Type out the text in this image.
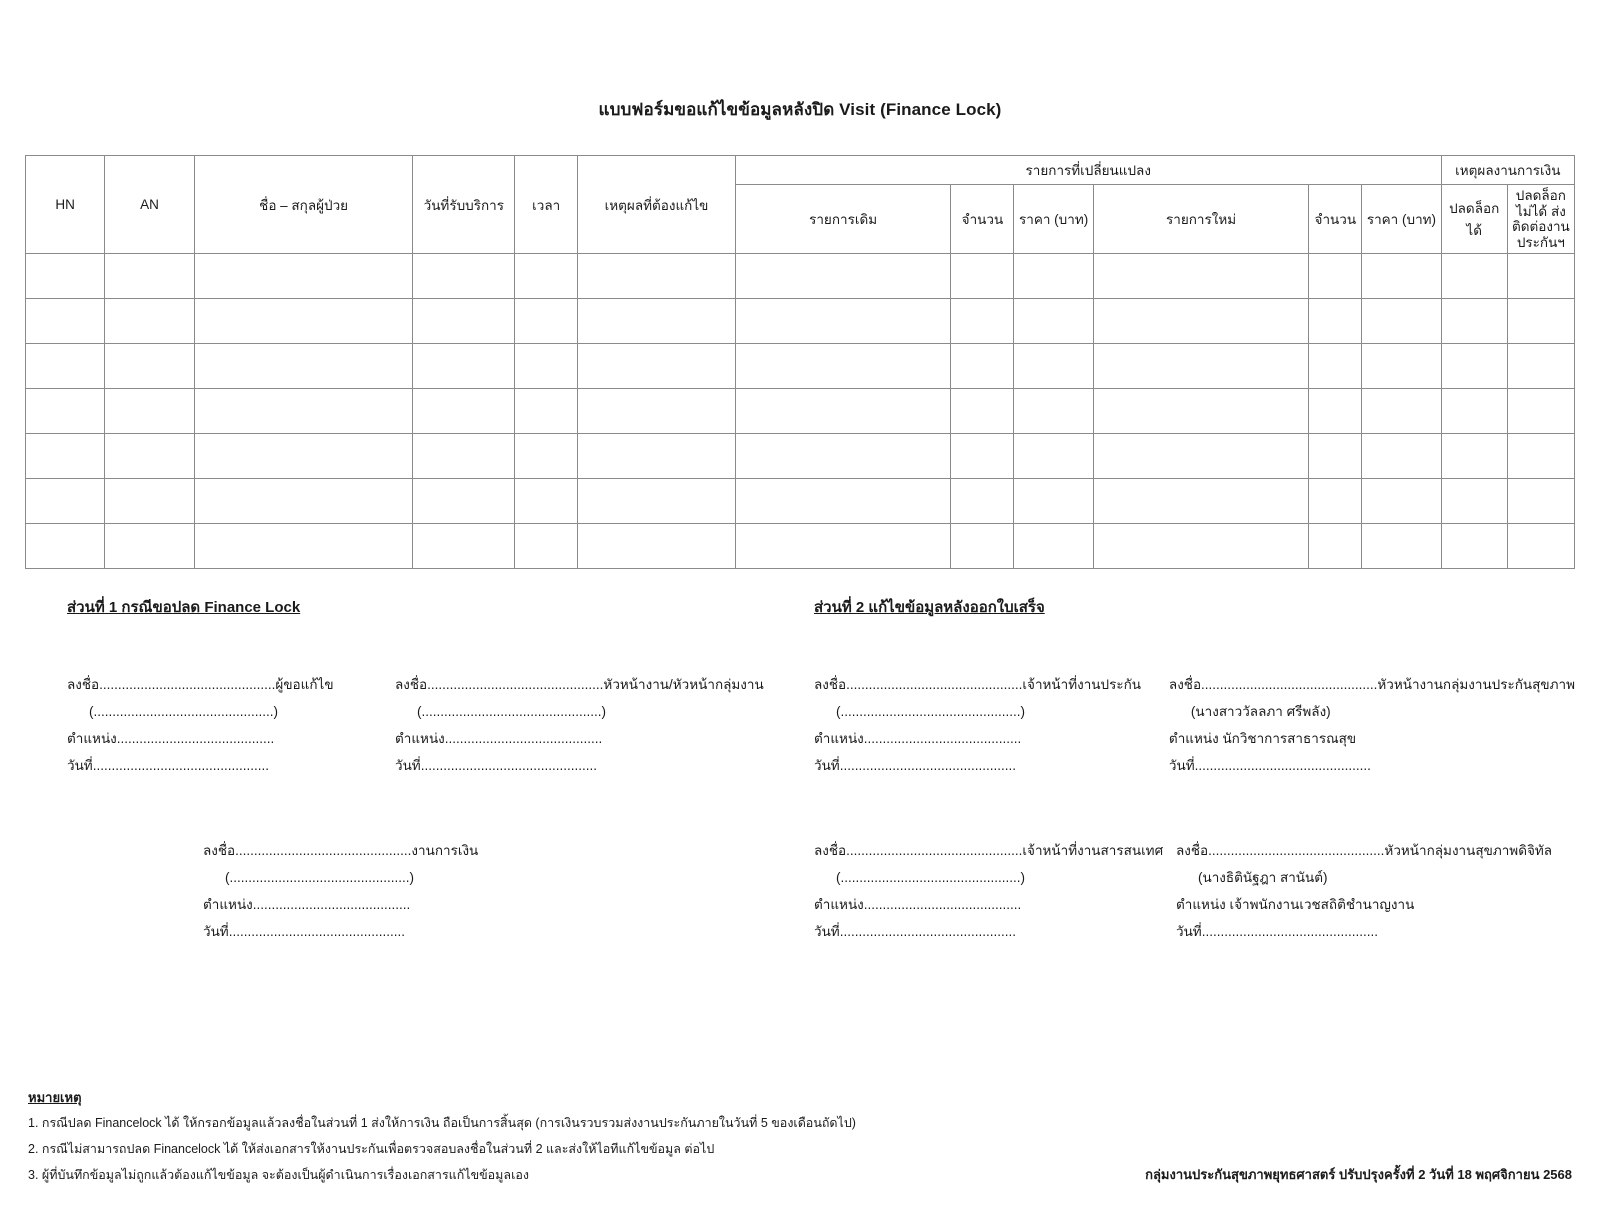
แบบฟอร์มขอแก้ไขข้อมูลหลังปิด Visit (Finance Lock)
HN	AN	ชื่อ – สกุลผู้ป่วย	วันที่รับบริการ	เวลา	เหตุผลที่ต้องแก้ไข	รายการที่เปลี่ยนแปลง						เหตุผลงานการเงิน	
						รายการเดิม	จำนวน	ราคา (บาท)	รายการใหม่	จำนวน	ราคา (บาท)	ปลดล็อกได้	ปลดล็อกไม่ได้ ส่งติดต่องานประกันฯ

ส่วนที่ 1 กรณีขอปลด Finance Lock
ลงชื่อ...............................................ผู้ขอแก้ไข
(................................................)
ตำแหน่ง..........................................
วันที่...............................................
ลงชื่อ...............................................หัวหน้างาน/หัวหน้ากลุ่มงาน
(................................................)
ตำแหน่ง..........................................
วันที่...............................................
ลงชื่อ...............................................งานการเงิน
(................................................)
ตำแหน่ง..........................................
วันที่...............................................
ส่วนที่ 2 แก้ไขข้อมูลหลังออกใบเสร็จ
ลงชื่อ...............................................เจ้าหน้าที่งานประกัน
(................................................)
ตำแหน่ง..........................................
วันที่...............................................
ลงชื่อ...............................................หัวหน้างานกลุ่มงานประกันสุขภาพ
(นางสาววัลลภา ศรีพลัง)
ตำแหน่ง นักวิชาการสาธารณสุข
วันที่...............................................
ลงชื่อ...............................................เจ้าหน้าที่งานสารสนเทศ
(................................................)
ตำแหน่ง..........................................
วันที่...............................................
ลงชื่อ...............................................หัวหน้ากลุ่มงานสุขภาพดิจิทัล
(นางธิตินัฐฎา สานันต์)
ตำแหน่ง เจ้าพนักงานเวชสถิติชำนาญงาน
วันที่...............................................
หมายเหตุ
1. กรณีปลด Financelock ได้ ให้กรอกข้อมูลแล้วลงชื่อในส่วนที่ 1 ส่งให้การเงิน ถือเป็นการสิ้นสุด (การเงินรวบรวมส่งงานประกันภายในวันที่ 5 ของเดือนถัดไป)
2. กรณีไม่สามารถปลด Financelock ได้ ให้ส่งเอกสารให้งานประกันเพื่อตรวจสอบลงชื่อในส่วนที่ 2 และส่งให้ไอทีแก้ไขข้อมูล ต่อไป
3. ผู้ที่บันทึกข้อมูลไม่ถูกแล้วต้องแก้ไขข้อมูล จะต้องเป็นผู้ดำเนินการเรื่องเอกสารแก้ไขข้อมูลเอง	กลุ่มงานประกันสุขภาพยุทธศาสตร์ ปรับปรุงครั้งที่ 2 วันที่ 18 พฤศจิกายน 2568
